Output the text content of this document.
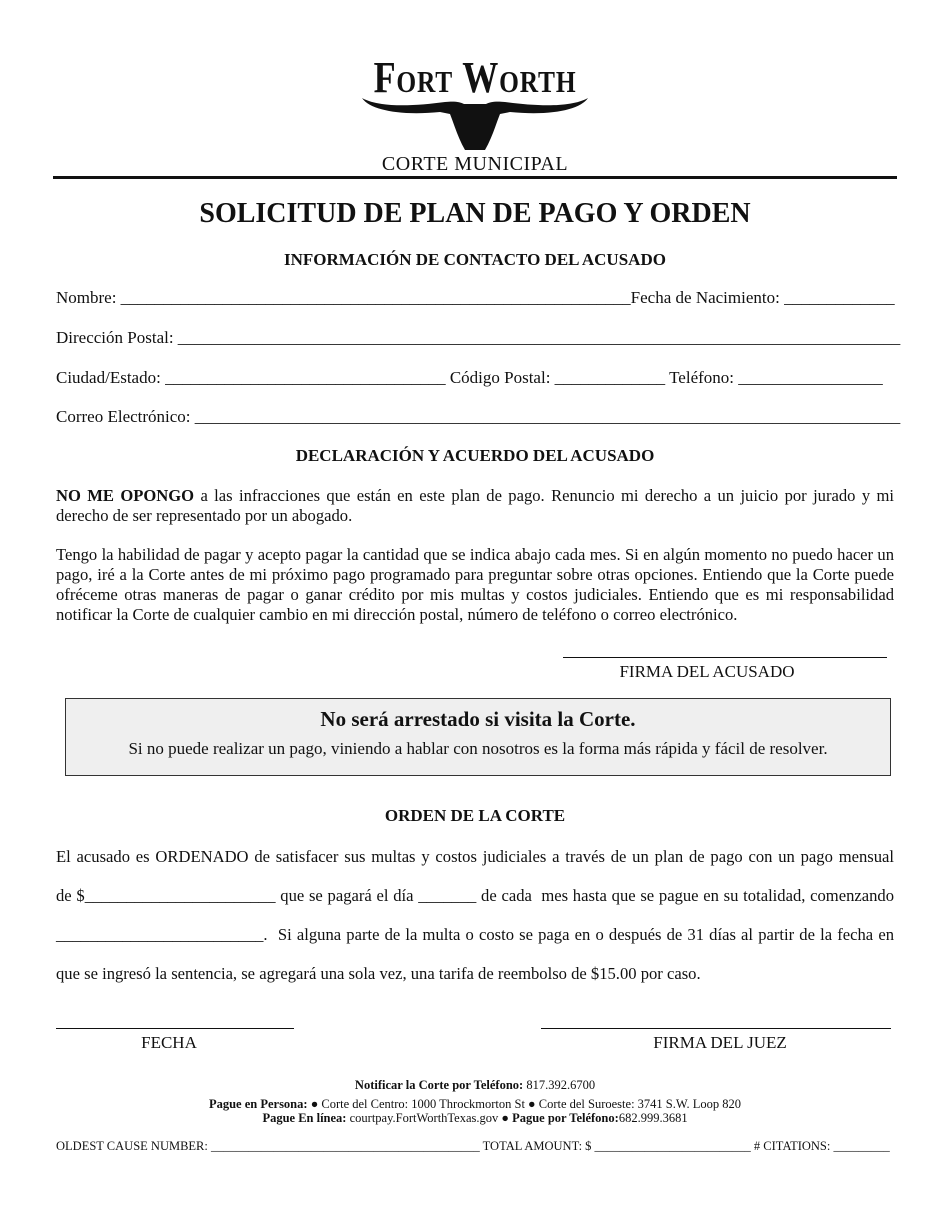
Fort Worth
CORTE MUNICIPAL
SOLICITUD DE PLAN DE PAGO Y ORDEN
INFORMACIÓN DE CONTACTO DEL ACUSADO
Nombre: ____________________________________________________________Fecha de Nacimiento: _____________
Dirección Postal: _____________________________________________________________________________________
Ciudad/Estado: _________________________________ Código Postal: _____________ Teléfono: _________________
Correo Electrónico: ___________________________________________________________________________________
DECLARACIÓN Y ACUERDO DEL ACUSADO
NO ME OPONGO a las infracciones que están en este plan de pago. Renuncio mi derecho a un juicio por jurado y mi derecho de ser representado por un abogado.
Tengo la habilidad de pagar y acepto pagar la cantidad que se indica abajo cada mes. Si en algún momento no puedo hacer un pago, iré a la Corte antes de mi próximo pago programado para preguntar sobre otras opciones. Entiendo que la Corte puede ofréceme otras maneras de pagar o ganar crédito por mis multas y costos judiciales. Entiendo que es mi responsabilidad notificar la Corte de cualquier cambio en mi dirección postal, número de teléfono o correo electrónico.
FIRMA DEL ACUSADO
No será arrestado si visita la Corte.
Si no puede realizar un pago, viniendo a hablar con nosotros es la forma más rápida y fácil de resolver.
ORDEN DE LA CORTE
El acusado es ORDENADO de satisfacer sus multas y costos judiciales a través de un plan de pago con un pago mensual
de $_______________________ que se pagará el día _______ de cada  mes hasta que se pague en su totalidad, comenzando
_________________________.  Si alguna parte de la multa o costo se paga en o después de 31 días al partir de la fecha en
que se ingresó la sentencia, se agregará una sola vez, una tarifa de reembolso de $15.00 por caso.
FECHA	FIRMA DEL JUEZ
Notificar la Corte por Teléfono: 817.392.6700
Pague en Persona: ● Corte del Centro: 1000 Throckmorton St ● Corte del Suroeste: 3741 S.W. Loop 820
Pague En línea: courtpay.FortWorthTexas.gov ● Pague por Teléfono:682.999.3681
OLDEST CAUSE NUMBER: ___________________________________________ TOTAL AMOUNT: $ _________________________ # CITATIONS: _________
